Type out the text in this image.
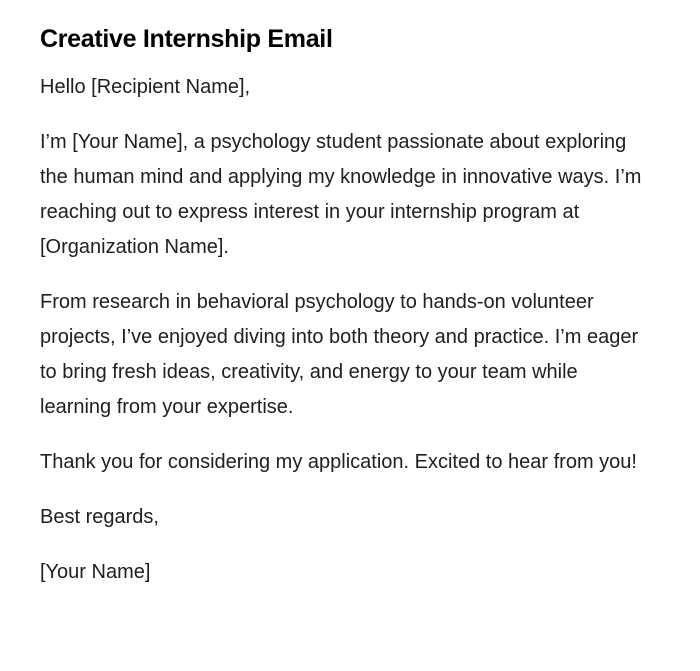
Creative Internship Email

Hello [Recipient Name],

I’m [Your Name], a psychology student passionate about exploring the human mind and applying my knowledge in innovative ways. I’m reaching out to express interest in your internship program at [Organization Name].

From research in behavioral psychology to hands-on volunteer projects, I’ve enjoyed diving into both theory and practice. I’m eager to bring fresh ideas, creativity, and energy to your team while learning from your expertise.

Thank you for considering my application. Excited to hear from you!

Best regards,

[Your Name]
